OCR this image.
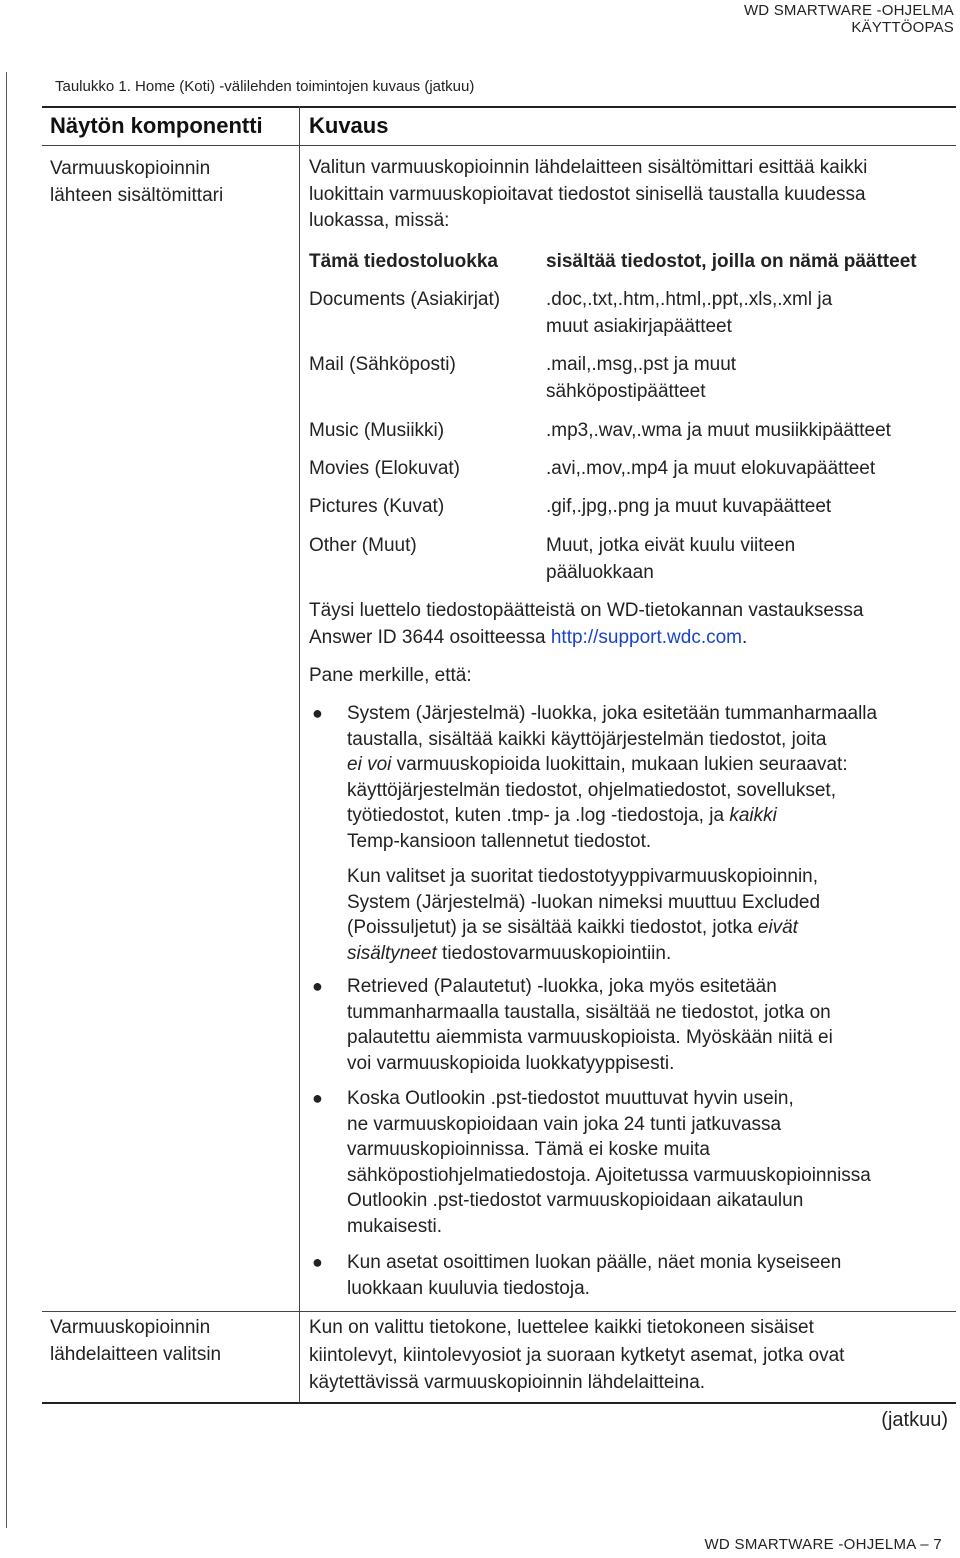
WD SMARTWARE -OHJELMA
KÄYTTÖOPAS
Taulukko 1. Home (Koti) -välilehden toimintojen kuvaus (jatkuu)
Näytön komponentti Kuvaus
Varmuuskopioinnin
lähteen sisältömittari
Valitun varmuuskopioinnin lähdelaitteen sisältömittari esittää kaikki
luokittain varmuuskopioitavat tiedostot sinisellä taustalla kuudessa
luokassa, missä:
Tämä tiedostoluokka	sisältää tiedostot, joilla on nämä päätteet
Documents (Asiakirjat) .doc,.txt,.htm,.html,.ppt,.xls,.xml ja
muut asiakirjapäätteet
Mail (Sähköposti)	.mail,.msg,.pst ja muut
sähköpostipäätteet
Music (Musiikki)	.mp3,.wav,.wma ja muut musiikkipäätteet
Movies (Elokuvat)	.avi,.mov,.mp4 ja muut elokuvapäätteet
Pictures (Kuvat)	.gif,.jpg,.png ja muut kuvapäätteet
Other (Muut)	Muut, jotka eivät kuulu viiteen
pääluokkaan
Täysi luettelo tiedostopäätteistä on WD-tietokannan vastauksessa
Answer ID 3644 osoitteessa http://support.wdc.com.
Pane merkille, että:
● System (Järjestelmä) -luokka, joka esitetään tummanharmaalla
taustalla, sisältää kaikki käyttöjärjestelmän tiedostot, joita
ei voi varmuuskopioida luokittain, mukaan lukien seuraavat:
käyttöjärjestelmän tiedostot, ohjelmatiedostot, sovellukset,
työtiedostot, kuten .tmp- ja .log -tiedostoja, ja kaikki
Temp-kansioon tallennetut tiedostot.
Kun valitset ja suoritat tiedostotyyppivarmuuskopioinnin,
System (Järjestelmä) -luokan nimeksi muuttuu Excluded
(Poissuljetut) ja se sisältää kaikki tiedostot, jotka eivät
sisältyneet tiedostovarmuuskopiointiin.
● Retrieved (Palautetut) -luokka, joka myös esitetään
tummanharmaalla taustalla, sisältää ne tiedostot, jotka on
palautettu aiemmista varmuuskopioista. Myöskään niitä ei
voi varmuuskopioida luokkatyyppisesti.
● Koska Outlookin .pst-tiedostot muuttuvat hyvin usein,
ne varmuuskopioidaan vain joka 24 tunti jatkuvassa
varmuuskopioinnissa. Tämä ei koske muita
sähköpostiohjelmatiedostoja. Ajoitetussa varmuuskopioinnissa
Outlookin .pst-tiedostot varmuuskopioidaan aikataulun
mukaisesti.
● Kun asetat osoittimen luokan päälle, näet monia kyseiseen
luokkaan kuuluvia tiedostoja.
Varmuuskopioinnin
lähdelaitteen valitsin
Kun on valittu tietokone, luettelee kaikki tietokoneen sisäiset
kiintolevyt, kiintolevyosiot ja suoraan kytketyt asemat, jotka ovat
käytettävissä varmuuskopioinnin lähdelaitteina.
(jatkuu)
WD SMARTWARE -OHJELMA – 7
